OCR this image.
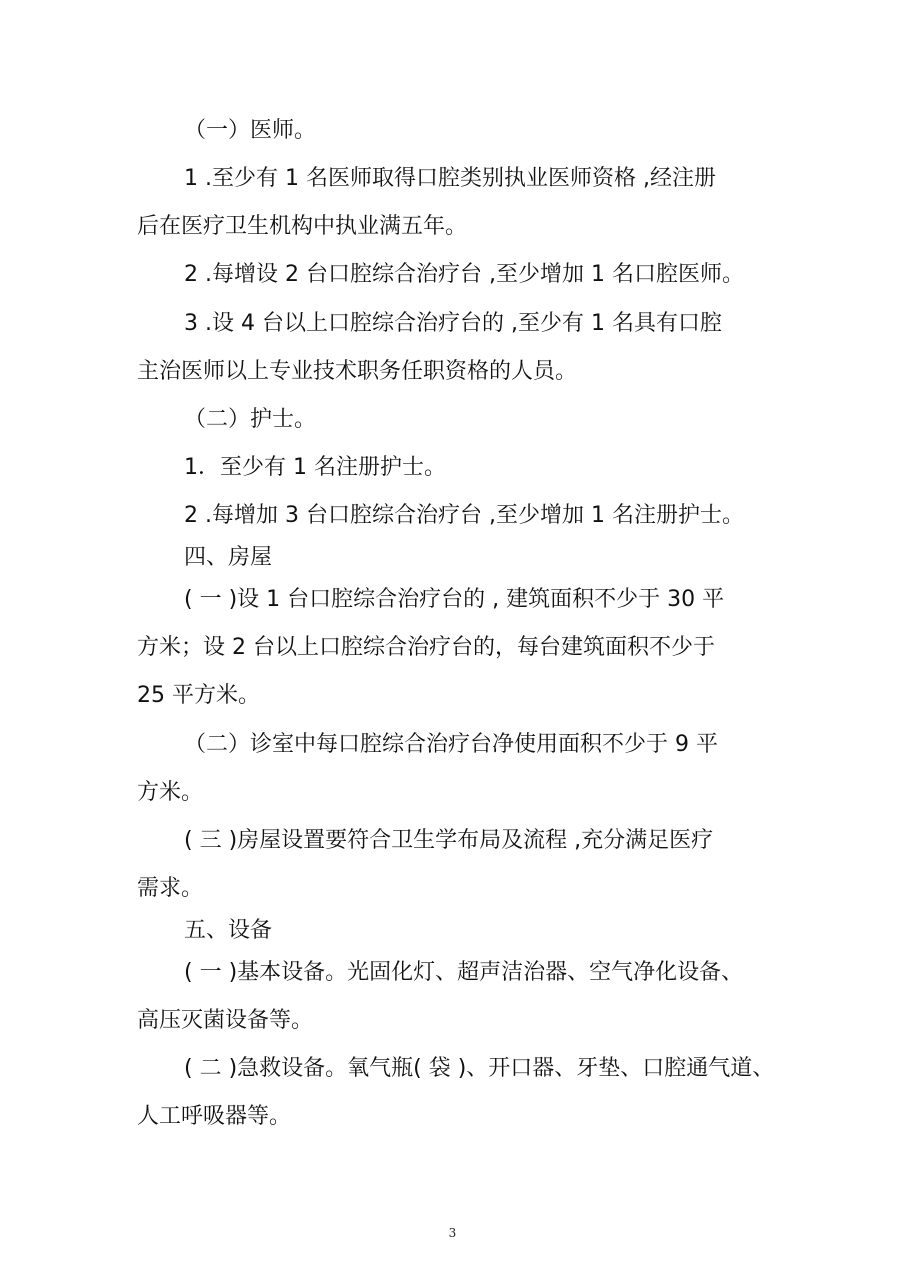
（一）医师。
1 .至少有 1 名医师取得口腔类别执业医师资格 ,经注册
后在医疗卫生机构中执业满五年。
2 .每增设 2 台口腔综合治疗台 ,至少增加 1 名口腔医师。
3 .设 4 台以上口腔综合治疗台的 ,至少有 1 名具有口腔
主治医师以上专业技术职务任职资格的人员。
（二）护士。
1．至少有 1 名注册护士。
2 .每增加 3 台口腔综合治疗台 ,至少增加 1 名注册护士。
四、房屋
( 一 )设 1 台口腔综合治疗台的 , 建筑面积不少于 30 平
方米；设 2 台以上口腔综合治疗台的，每台建筑面积不少于
25 平方米。
（二）诊室中每口腔综合治疗台净使用面积不少于 9 平
方米。
( 三 )房屋设置要符合卫生学布局及流程 ,充分满足医疗
需求。
五、设备
( 一 )基本设备。光固化灯、超声洁治器、空气净化设备、
高压灭菌设备等。
( 二 )急救设备。氧气瓶( 袋 )、开口器、牙垫、口腔通气道、
人工呼吸器等。
3
